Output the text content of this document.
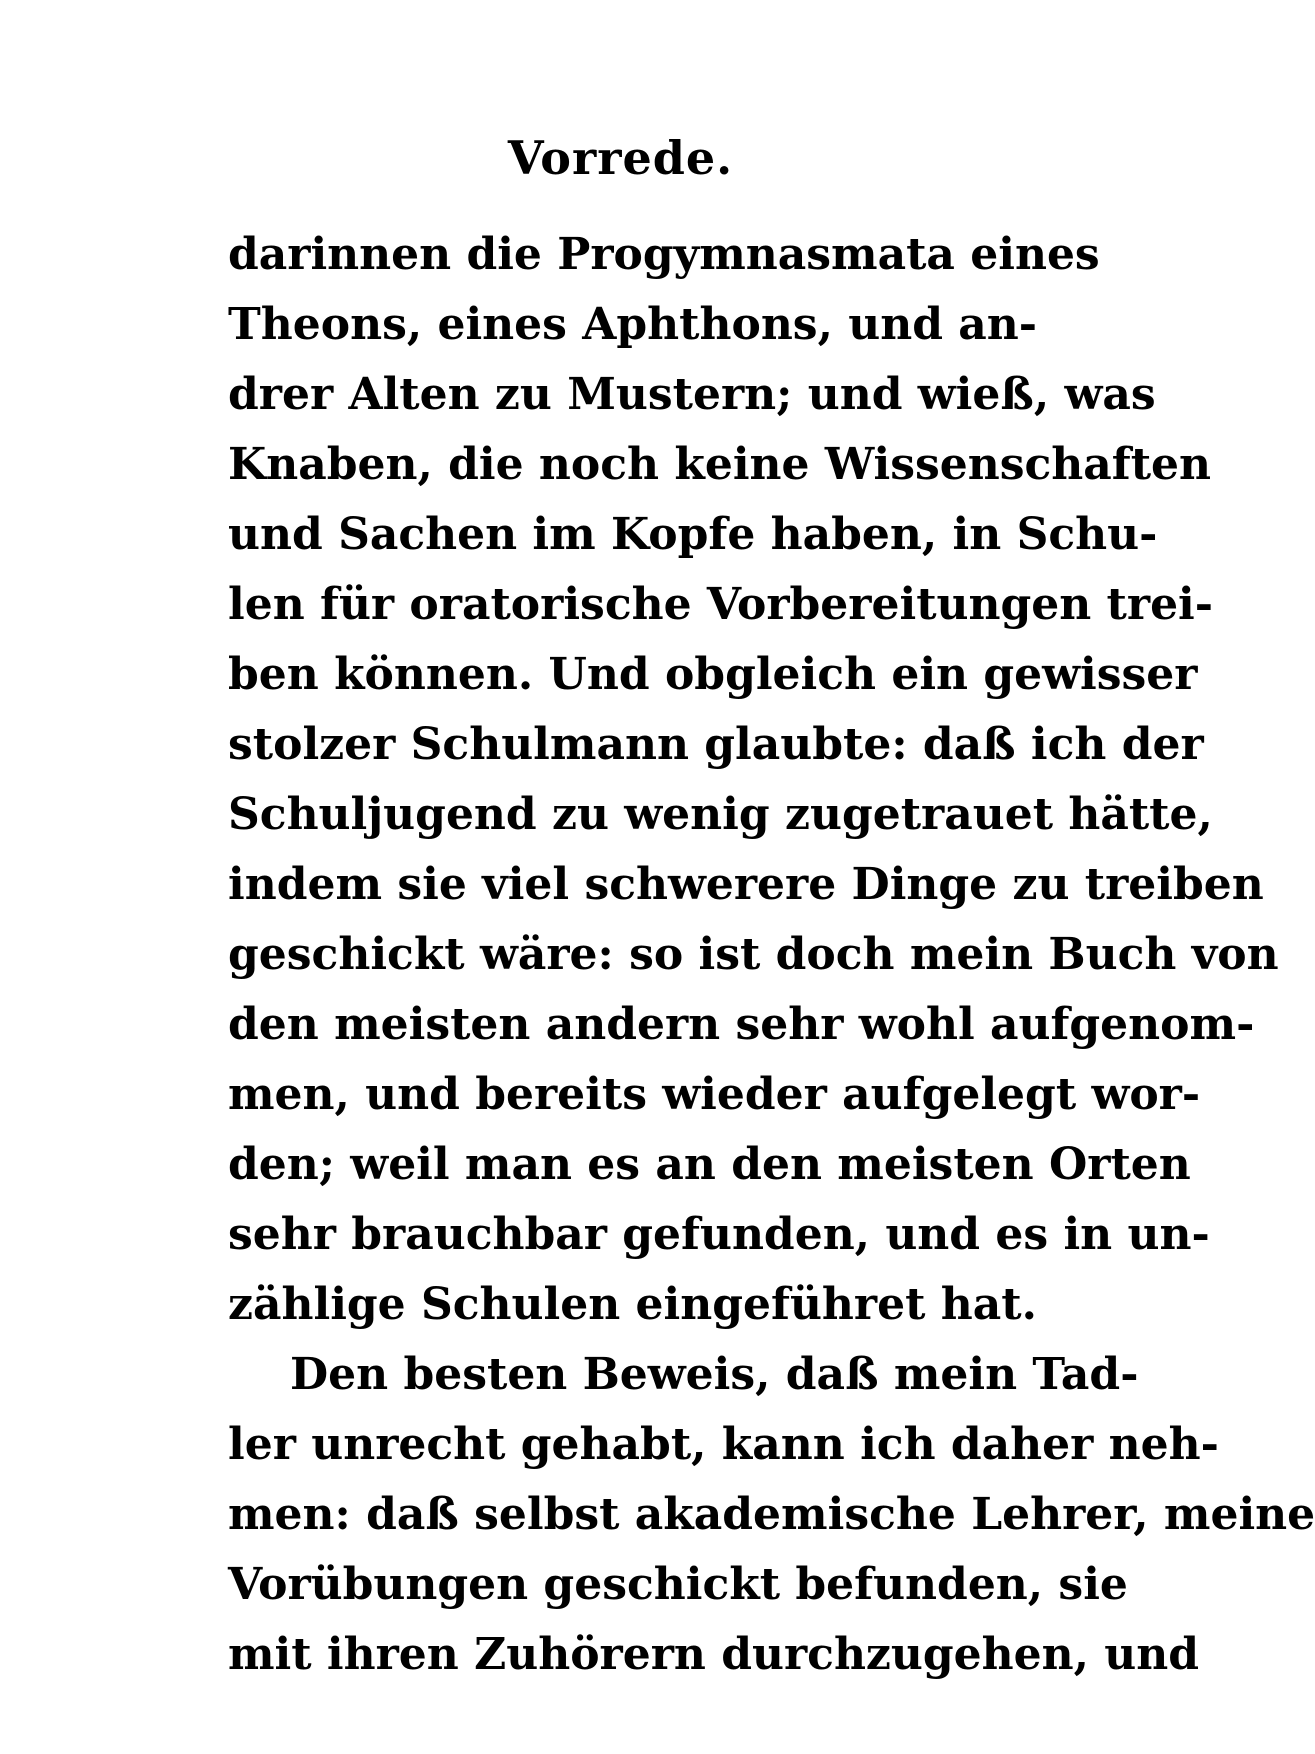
Vorrede.
darinnen die Progymnasmata eines
Theons, eines Aphthons, und an-
drer Alten zu Mustern; und wieß, was
Knaben, die noch keine Wissenschaften
und Sachen im Kopfe haben, in Schu-
len für oratorische Vorbereitungen trei-
ben können. Und obgleich ein gewisser
stolzer Schulmann glaubte: daß ich der
Schuljugend zu wenig zugetrauet hätte,
indem sie viel schwerere Dinge zu treiben
geschickt wäre: so ist doch mein Buch von
den meisten andern sehr wohl aufgenom-
men, und bereits wieder aufgelegt wor-
den; weil man es an den meisten Orten
sehr brauchbar gefunden, und es in un-
zählige Schulen eingeführet hat.
Den besten Beweis, daß mein Tad-
ler unrecht gehabt, kann ich daher neh-
men: daß selbst akademische Lehrer, meine
Vorübungen geschickt befunden, sie
mit ihren Zuhörern durchzugehen, und
